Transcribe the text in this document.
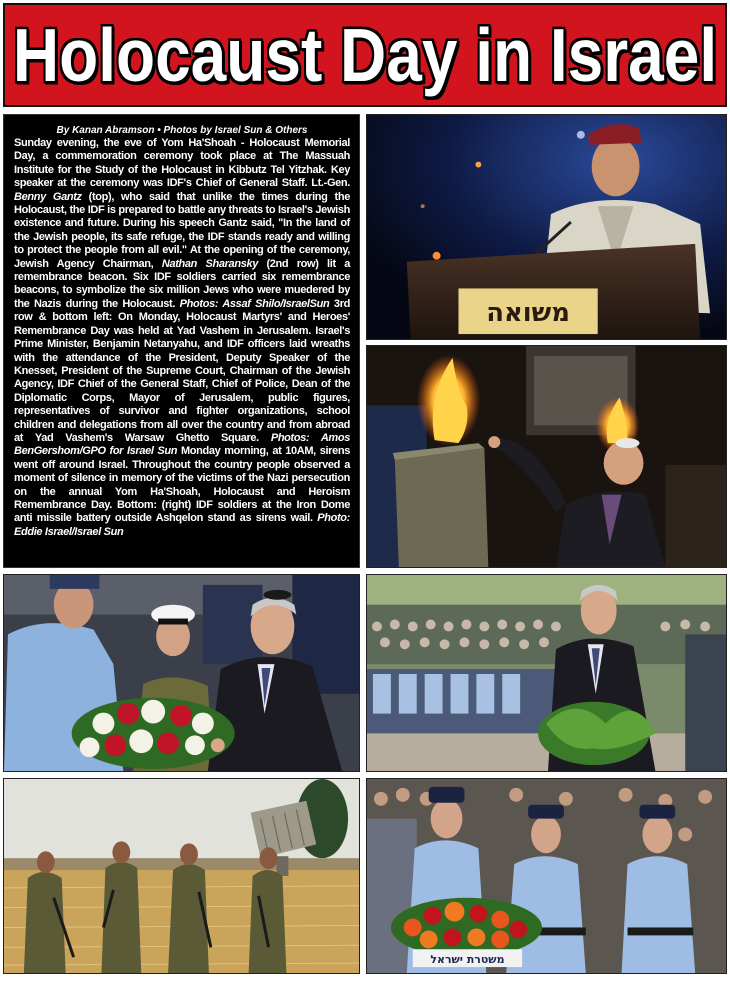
Holocaust Day in Israel
By Kanan Abramson • Photos by Israel Sun & Others
Sunday evening, the eve of Yom Ha'Shoah - Holocaust Memorial Day, a commemoration ceremony took place at The Massuah Institute for the Study of the Holocaust in Kibbutz Tel Yitzhak. Key speaker at the ceremony was IDF's Chief of General Staff. Lt.-Gen. Benny Gantz (top), who said that unlike the times during the Holocaust, the IDF is prepared to battle any threats to Israel's Jewish existence and future. During his speech Gantz said, "In the land of the Jewish people, its safe refuge, the IDF stands ready and willing to protect the people from all evil." At the opening of the ceremony, Jewish Agency Chairman, Nathan Sharansky (2nd row) lit a remembrance beacon. Six IDF soldiers carried six remembrance beacons, to symbolize the six million Jews who were muedered by the Nazis during the Holocaust. Photos: Assaf Shilo/IsraelSun 3rd row & bottom left: On Monday, Holocaust Martyrs' and Heroes' Remembrance Day was held at Yad Vashem in Jerusalem. Israel's Prime Minister, Benjamin Netanyahu, and IDF officers laid wreaths with the attendance of the President, Deputy Speaker of the Knesset, President of the Supreme Court, Chairman of the Jewish Agency, IDF Chief of the General Staff, Chief of Police, Dean of the Diplomatic Corps, Mayor of Jerusalem, public figures, representatives of survivor and fighter organizations, school children and delegations from all over the country and from abroad at Yad Vashem's Warsaw Ghetto Square. Photos: Amos BenGershom/GPO for Israel Sun Monday morning, at 10AM, sirens went off around Israel. Throughout the country people observed a moment of silence in memory of the victims of the Nazi persecution on the annual Yom Ha'Shoah, Holocaust and Heroism Remembrance Day. Bottom: (right) IDF soldiers at the Iron Dome anti missile battery outside Ashqelon stand as sirens wail. Photo: Eddie Israel/Israel Sun
משואה
משטרת ישראל
